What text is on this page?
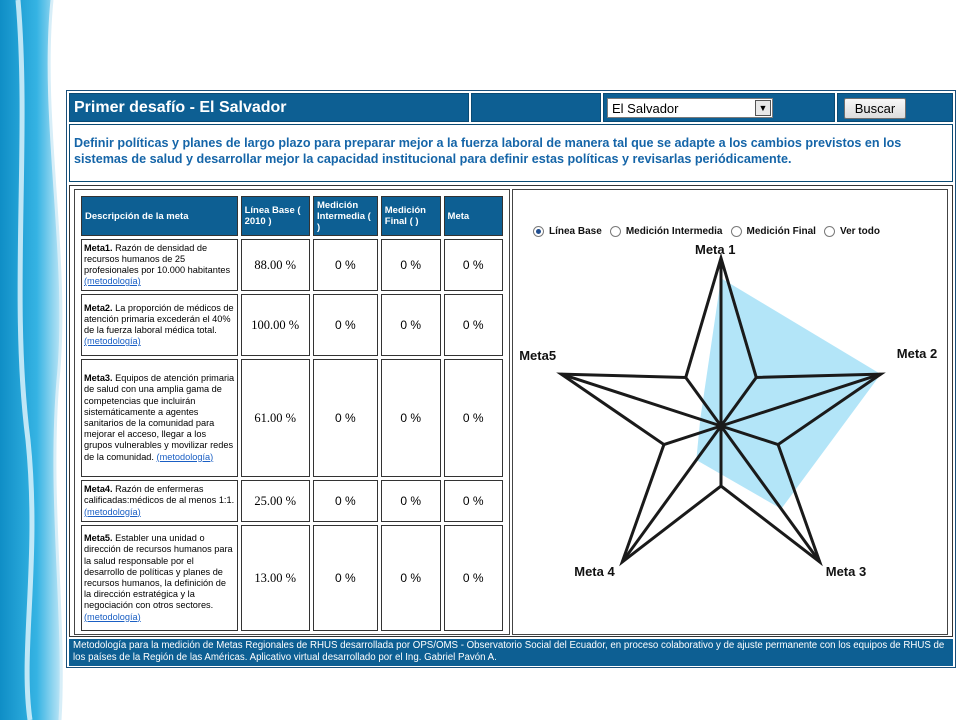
Primer desafío - El Salvador	El Salvador	▼	Buscar
Definir políticas y planes de largo plazo para preparar mejor a la fuerza laboral de manera tal que se adapte a los cambios previstos en los sistemas de salud y desarrollar mejor la capacidad institucional para definir estas políticas y revisarlas periódicamente.
Descripción de la meta	Línea Base ( 2010 )	Medición Intermedia ( )	Medición Final ( )	Meta
Meta1. Razón de densidad de recursos humanos de 25 profesionales por 10.000 habitantes (metodología)	88.00 %	0 %	0 %	0 %
Meta2. La proporción de médicos de atención primaria excederán el 40% de la fuerza laboral médica total. (metodología)	100.00 %	0 %	0 %	0 %
Meta3. Equipos de atención primaria de salud con una amplia gama de competencias que incluirán sistemáticamente a agentes sanitarios de la comunidad para mejorar el acceso, llegar a los grupos vulnerables y movilizar redes de la comunidad. (metodología)	61.00 %	0 %	0 %	0 %
Meta4. Razón de enfermeras calificadas:médicos de al menos 1:1. (metodología)	25.00 %	0 %	0 %	0 %
Meta5. Establer una unidad o dirección de recursos humanos para la salud responsable por el desarrollo de políticas y planes de recursos humanos, la definición de la dirección estratégica y la negociación con otros sectores. (metodología)	13.00 %	0 %	0 %	0 %
Línea Base Medición Intermedia Medición Final Ver todo
Meta 1
Meta 2
Meta 3
Meta 4
Meta5
Metodología para la medición de Metas Regionales de RHUS desarrollada por OPS/OMS - Observatorio Social del Ecuador, en proceso colaborativo y de ajuste permanente con los equipos de RHUS de los países de la Región de las Américas. Aplicativo virtual desarrollado por el Ing. Gabriel Pavón A.
